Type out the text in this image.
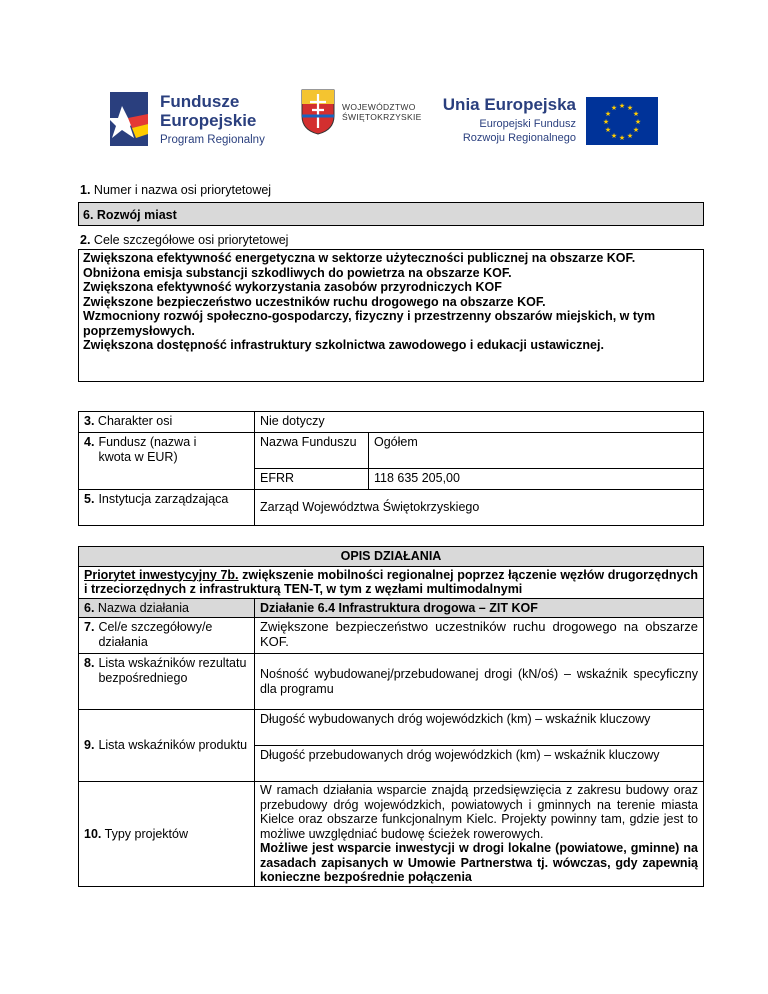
Fundusze
Europejskie
Program Regionalny
WOJEWÓDZTWO
ŚWIĘTOKRZYSKIE
Unia Europejska
Europejski Fundusz
Rozwoju Regionalnego
★ ★
★
★
★
★
★
★
★
★
★
★
1. Numer i nazwa osi priorytetowej
6. Rozwój miast
2. Cele szczegółowe osi priorytetowej
Zwiększona efektywność energetyczna w sektorze użyteczności publicznej na obszarze KOF.
Obniżona emisja substancji szkodliwych do powietrza na obszarze KOF.
Zwiększona efektywność wykorzystania zasobów przyrodniczych KOF
Zwiększone bezpieczeństwo uczestników ruchu drogowego na obszarze KOF.
Wzmocniony rozwój społeczno-gospodarczy, fizyczny i przestrzenny obszarów miejskich, w tym poprzemysłowych.
Zwiększona dostępność infrastruktury szkolnictwa zawodowego i edukacji ustawicznej.
3. Charakter osi	Nie dotyczy	

4. Fundusz (nazwa i kwota w EUR)	Nazwa Funduszu	Ogółem
	EFRR	118 635 205,00

5. Instytucja zarządzająca	Zarząd Województwa Świętokrzyskiego	
OPIS DZIAŁANIA	
Priorytet inwestycyjny 7b. zwiększenie mobilności regionalnej poprzez łączenie węzłów drugorzędnych i trzeciorzędnych z infrastrukturą TEN-T, w tym z węzłami multimodalnymi	
6. Nazwa działania	Działanie 6.4 Infrastruktura drogowa – ZIT KOF

7. Cel/e szczegółowy/e działania	Zwiększone bezpieczeństwo uczestników ruchu drogowego na obszarze KOF.

8. Lista wskaźników rezultatu bezpośredniego	Nośność wybudowanej/przebudowanej drogi (kN/oś) – wskaźnik specyficzny dla programu

9. Lista wskaźników produktu	Długość wybudowanych dróg wojewódzkich (km) – wskaźnik kluczowy
	Długość przebudowanych dróg wojewódzkich (km) – wskaźnik kluczowy
10. Typy projektów	W ramach działania wsparcie znajdą przedsięwzięcia z zakresu budowy oraz przebudowy dróg wojewódzkich, powiatowych i gminnych na terenie miasta Kielce oraz obszarze funkcjonalnym Kielc. Projekty powinny tam, gdzie jest to możliwe uwzględniać budowę ścieżek rowerowych.
Możliwe jest wsparcie inwestycji w drogi lokalne (powiatowe, gminne) na zasadach zapisanych w Umowie Partnerstwa tj. wówczas, gdy zapewnią konieczne bezpośrednie połączenia
